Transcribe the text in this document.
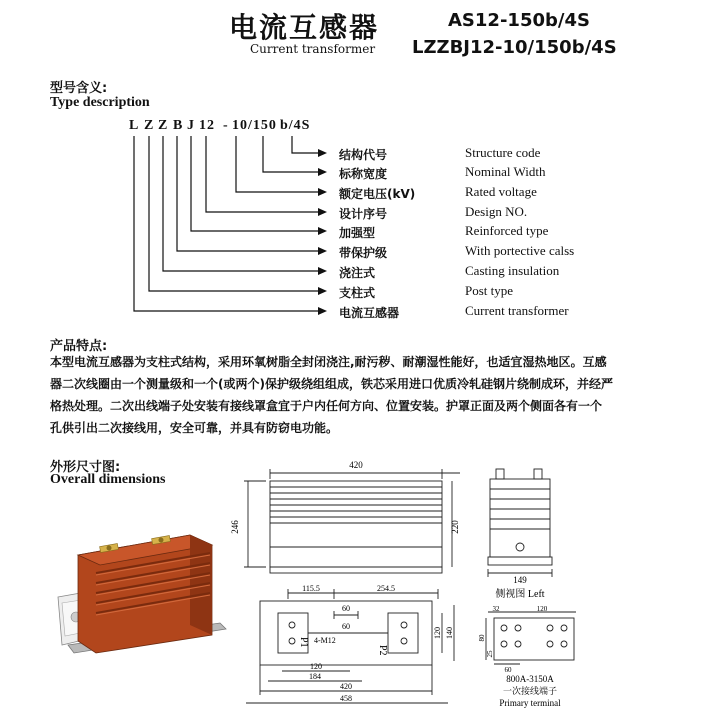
电流互感器
Current transformer
AS12-150b/4S
LZZBJ12-10/150b/4S
型号含义:
Type description
L Z Z B J 12 - 10 /150 b/4S
结构代号
标称宽度
额定电压(kV)
设计序号
加强型
带保护级
浇注式
支柱式
电流互感器
Structure code
Nominal Width
Rated voltage
Design NO.
Reinforced type
With portective calss
Casting insulation
Post type
Current transformer
产品特点:
本型电流互感器为支柱式结构，采用环氧树脂全封闭浇注,耐污秽、耐潮湿性能好，也适宜湿热地区。互感
器二次线圈由一个测量级和一个(或两个)保护级绕组组成，铁芯采用进口优质冷轧硅钢片绕制成环，并经严
格热处理。二次出线端子处安装有接线罩盒宜于户内任何方向、位置安装。护罩正面及两个侧面各有一个
孔供引出二次接线用，安全可靠，并具有防窃电功能。
外形尺寸图:
Overall dimensions
420
246	220
149
侧视图 Left
115.5	254.5
60
60
4-M12
P1
P2
120 140
120
184
420
458
32	120
80
25
60
800A-3150A
一次接线端子
Primary terminal
